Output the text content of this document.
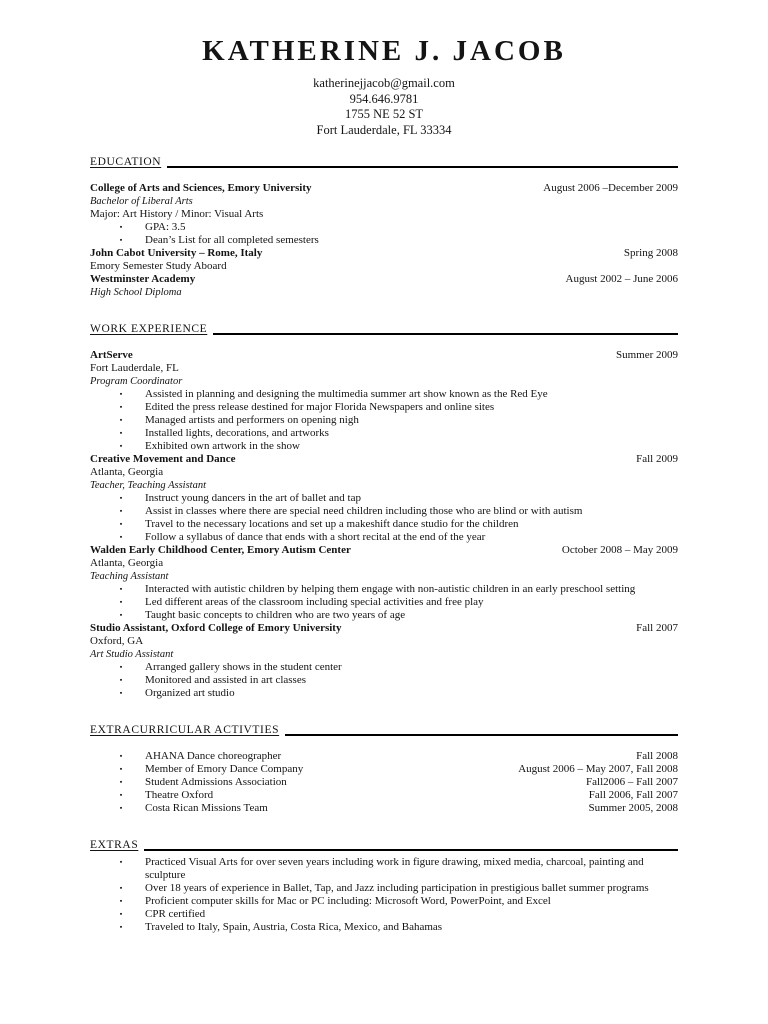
KATHERINE J. JACOB
katherinejjacob@gmail.com
954.646.9781
1755 NE 52 ST
Fort Lauderdale, FL 33334
EDUCATION
College of Arts and Sciences, Emory University	August 2006 –December 2009
Bachelor of Liberal Arts
Major: Art History / Minor: Visual Arts
▪	GPA: 3.5
▪	Dean’s List for all completed semesters
John Cabot University – Rome, Italy	Spring 2008
Emory Semester Study Aboard
Westminster Academy	August 2002 – June 2006
High School Diploma
WORK EXPERIENCE
ArtServe	Summer 2009
Fort Lauderdale, FL
Program Coordinator
▪	Assisted in planning and designing the multimedia summer art show known as the Red Eye
▪	Edited the press release destined for major Florida Newspapers and online sites
▪	Managed artists and performers on opening nigh
▪	Installed lights, decorations, and artworks
▪	Exhibited own artwork in the show
Creative Movement and Dance	Fall 2009
Atlanta, Georgia
Teacher, Teaching Assistant
▪	Instruct young dancers in the art of ballet and tap
▪	Assist in classes where there are special need children including those who are blind or with autism
▪	Travel to the necessary locations and set up a makeshift dance studio for the children
▪	Follow a syllabus of dance that ends with a short recital at the end of the year
Walden Early Childhood Center, Emory Autism Center	October 2008 – May 2009
Atlanta, Georgia
Teaching Assistant
▪	Interacted with autistic children by helping them engage with non-autistic children in an early preschool setting
▪	Led different areas of the classroom including special activities and free play
▪	Taught basic concepts to children who are two years of age
Studio Assistant, Oxford College of Emory University	Fall 2007
Oxford, GA
Art Studio Assistant
▪	Arranged gallery shows in the student center
▪	Monitored and assisted in art classes
▪	Organized art studio
EXTRACURRICULAR ACTIVTIES
▪	AHANA Dance choreographer	Fall 2008
▪	Member of Emory Dance Company	August 2006 – May 2007, Fall 2008
▪	Student Admissions Association	Fall2006 – Fall 2007
▪	Theatre Oxford	Fall 2006, Fall 2007
▪	Costa Rican Missions Team	Summer 2005, 2008
EXTRAS
▪	Practiced Visual Arts for over seven years including work in figure drawing, mixed media, charcoal, painting and sculpture
▪	Over 18 years of experience in Ballet, Tap, and Jazz including participation in prestigious ballet summer programs
▪	Proficient computer skills for Mac or PC including: Microsoft Word, PowerPoint, and Excel
▪	CPR certified
▪	Traveled to Italy, Spain, Austria, Costa Rica, Mexico, and Bahamas
